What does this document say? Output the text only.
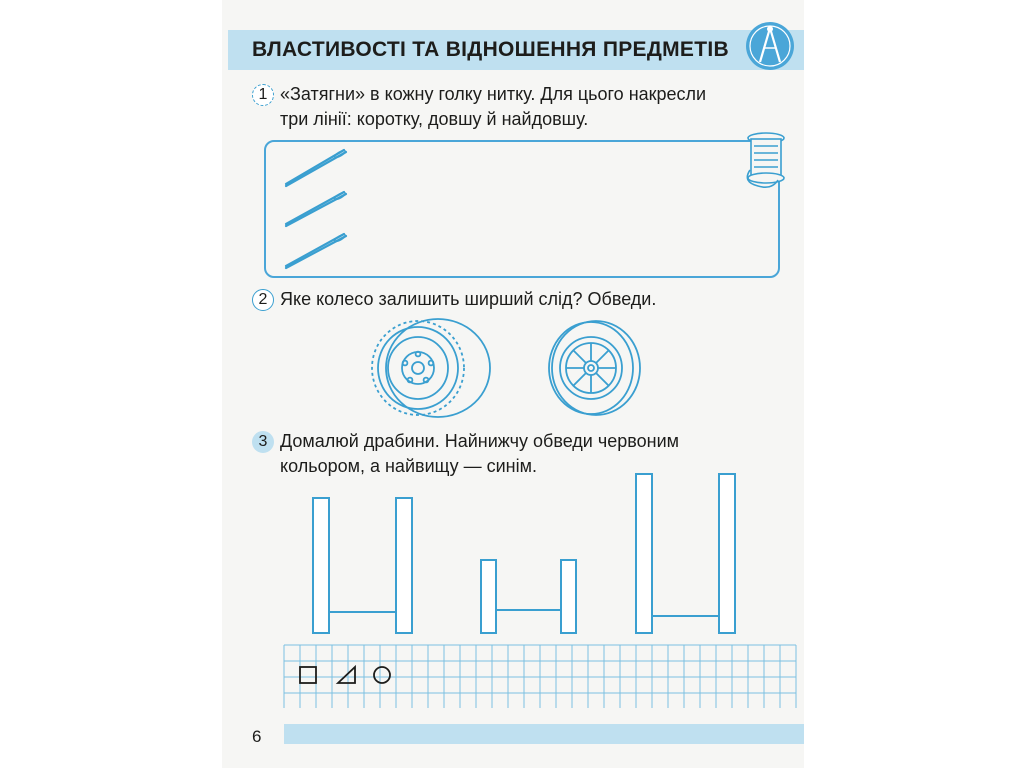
ВЛАСТИВОСТІ ТА ВІДНОШЕННЯ ПРЕДМЕТІВ
1 «Затягни» в кожну голку нитку. Для цього накресли
три лінії: коротку, довшу й найдовшу.
2 Яке колесо залишить ширший слід? Обведи.
3 Домалюй драбини. Найнижчу обведи червоним
кольором, а найвищу — синім.
6
